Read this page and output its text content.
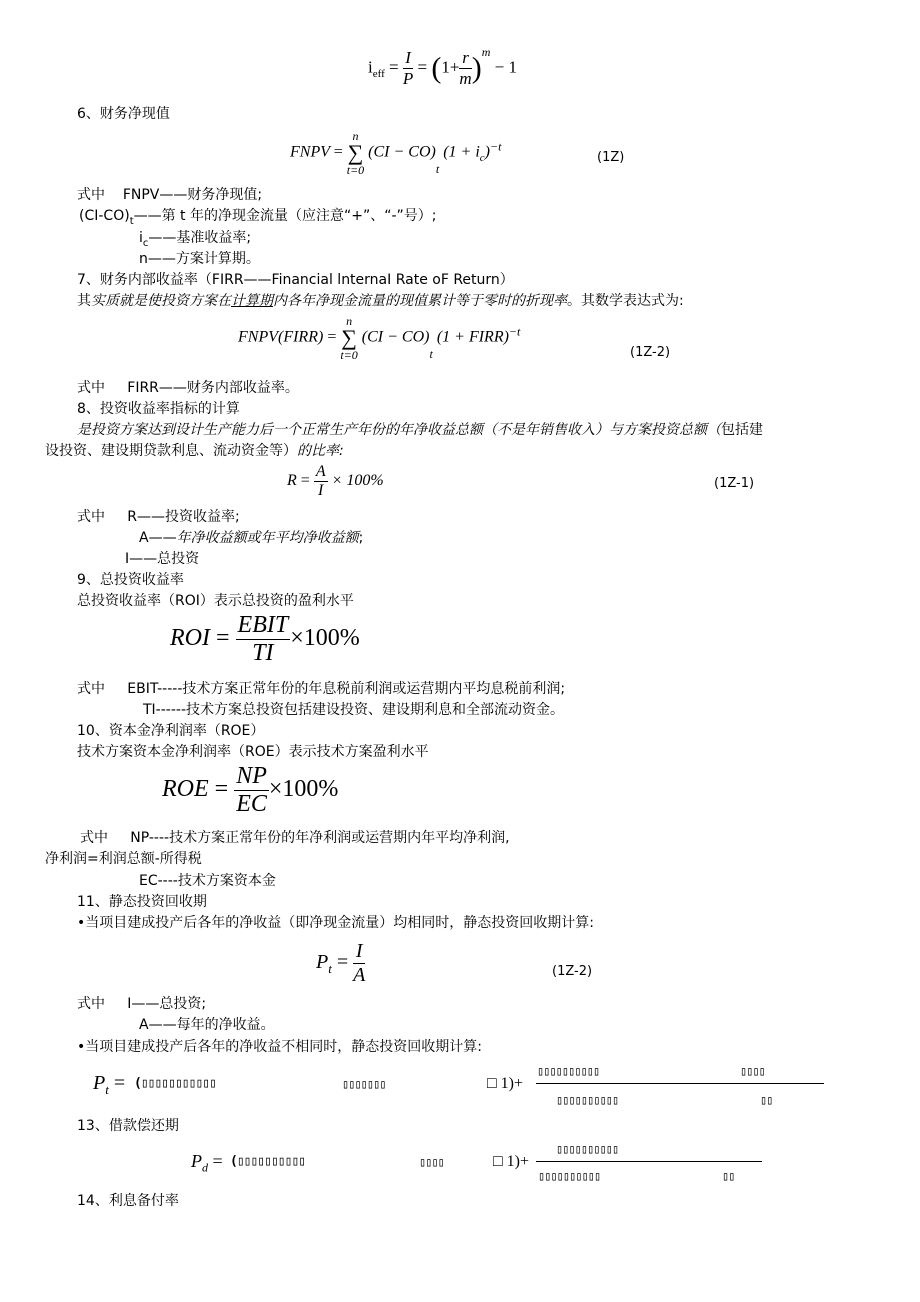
$i_{eff} = \frac{I}{P} = (1+ \frac{r}{m} )^m - 1$
6、财务净现值
FNPV =
n
∑
t=0
$(CI - CO)_t$ $(1 + i_c)^{-t}$
(1Z)
式中 FNPV——财务净现值;
$(CI-CO)_t——$第 t 年的净现金流量（应注意“+”、“-”号）;
$i_c——$基准收益率;
n——方案计算期。
7、财务内部收益率（FIRR——Financial lnternaI Rate oF Return）
其实质就是使投资方案在计算期内各年净现金流量的现值累计等于零时的折现率。其数学表达式为:
FNPV(FIRR) =
n
∑
t=0
$(CI - CO)_t$ (1 + FIRR)$^{-t}$
(1Z-2)
式中 FIRR——财务内部收益率。
8、投资收益率指标的计算
是投资方案达到设计生产能力后一个正常生产年份的年净收益总额（不是年销售收入）与方案投资总额（包括建
设投资、建设期贷款利息、流动资金等）的比率:
$R = \frac{A}{I} \times 100\%$	(1Z-1)
式中 R——投资收益率;
A——年净收益额或年平均净收益额;
I——总投资
9、总投资收益率
总投资收益率（ROI）表示总投资的盈利水平
ROI = $\frac{\text{EBIT}}{TI} \times 100\%$
式中 EBIT-----技术方案正常年份的年息税前利润或运营期内平均息税前利润;
TI------技术方案总投资包括建设投资、建设期利息和全部流动资金。
10、资本金净利润率（ROE）
技术方案资本金净利润率（ROE）表示技术方案盈利水平
ROE = $\frac{NP}{EC} \times 100\%$
式中 NP----技术方案正常年份的年净利润或运营期内年平均净利润,
净利润=利润总额-所得税
EC----技术方案资本金
11、静态投资回收期
•当项目建成投产后各年的净收益（即净现金流量）均相同时，静态投资回收期计算:
$P_t = \frac{I}{A}$	(1Z-2)
式中 I——总投资;
A——每年的净收益。
•当项目建成投产后各年的净收益不相同时，静态投资回收期计算:
$P_t$ = (▯▯▯▯▯▯▯▯▯▯▯	▯▯▯▯▯▯▯	□ 1)+
▯▯▯▯▯▯▯▯▯▯	▯▯▯▯
▯▯▯▯▯▯▯▯▯▯	▯▯
13、借款偿还期
$P_d$ = (▯▯▯▯▯▯▯▯▯▯	▯▯▯▯	□ 1)+
▯▯▯▯▯▯▯▯▯▯
▯▯▯▯▯▯▯▯▯▯	▯▯
14、利息备付率
